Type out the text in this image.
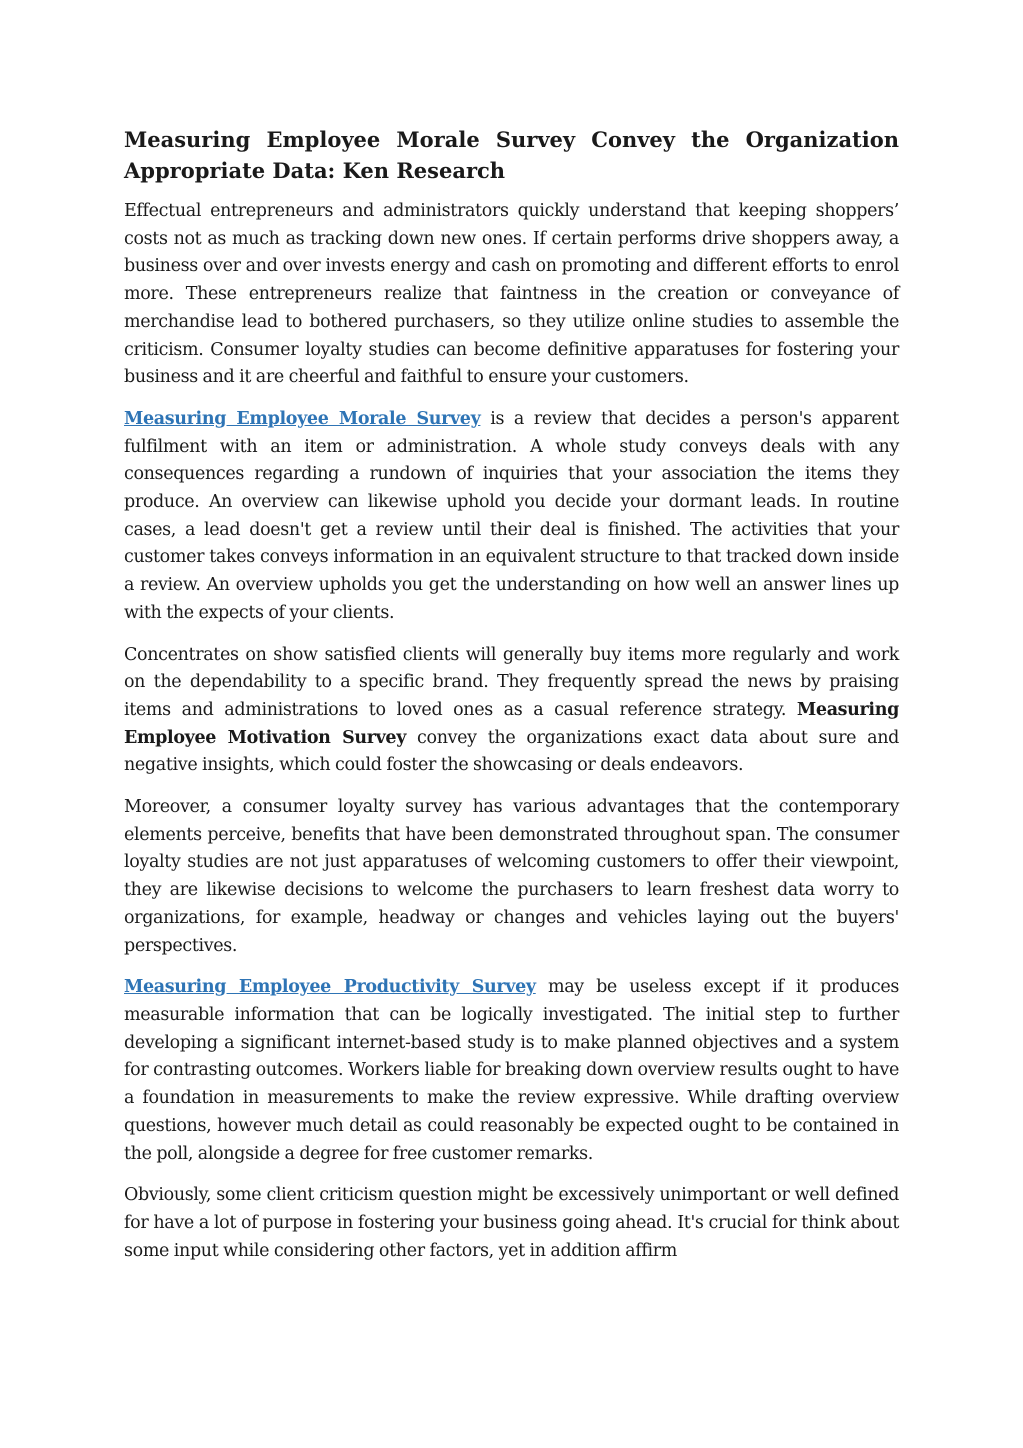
Measuring Employee Morale Survey Convey the Organization
Appropriate Data: Ken Research

Effectual entrepreneurs and administrators quickly understand that keeping shoppers’ costs not as much as tracking down new ones. If certain performs drive shoppers away, a business over and over invests energy and cash on promoting and different efforts to enrol more. These entrepreneurs realize that faintness in the creation or conveyance of merchandise lead to bothered purchasers, so they utilize online studies to assemble the criticism. Consumer loyalty studies can become definitive apparatuses for fostering your business and it are cheerful and faithful to ensure your customers.

Measuring Employee Morale Survey is a review that decides a person's apparent fulfilment with an item or administration. A whole study conveys deals with any consequences regarding a rundown of inquiries that your association the items they produce. An overview can likewise uphold you decide your dormant leads. In routine cases, a lead doesn't get a review until their deal is finished. The activities that your customer takes conveys information in an equivalent structure to that tracked down inside a review. An overview upholds you get the understanding on how well an answer lines up with the expects of your clients.

Concentrates on show satisfied clients will generally buy items more regularly and work on the dependability to a specific brand. They frequently spread the news by praising items and administrations to loved ones as a casual reference strategy. Measuring Employee Motivation Survey convey the organizations exact data about sure and negative insights, which could foster the showcasing or deals endeavors.

Moreover, a consumer loyalty survey has various advantages that the contemporary elements perceive, benefits that have been demonstrated throughout span. The consumer loyalty studies are not just apparatuses of welcoming customers to offer their viewpoint, they are likewise decisions to welcome the purchasers to learn freshest data worry to organizations, for example, headway or changes and vehicles laying out the buyers' perspectives.

Measuring Employee Productivity Survey may be useless except if it produces measurable information that can be logically investigated. The initial step to further developing a significant internet-based study is to make planned objectives and a system for contrasting outcomes. Workers liable for breaking down overview results ought to have a foundation in measurements to make the review expressive. While drafting overview questions, however much detail as could reasonably be expected ought to be contained in the poll, alongside a degree for free customer remarks.

Obviously, some client criticism question might be excessively unimportant or well defined for have a lot of purpose in fostering your business going ahead. It's crucial for think about some input while considering other factors, yet in addition affirm
